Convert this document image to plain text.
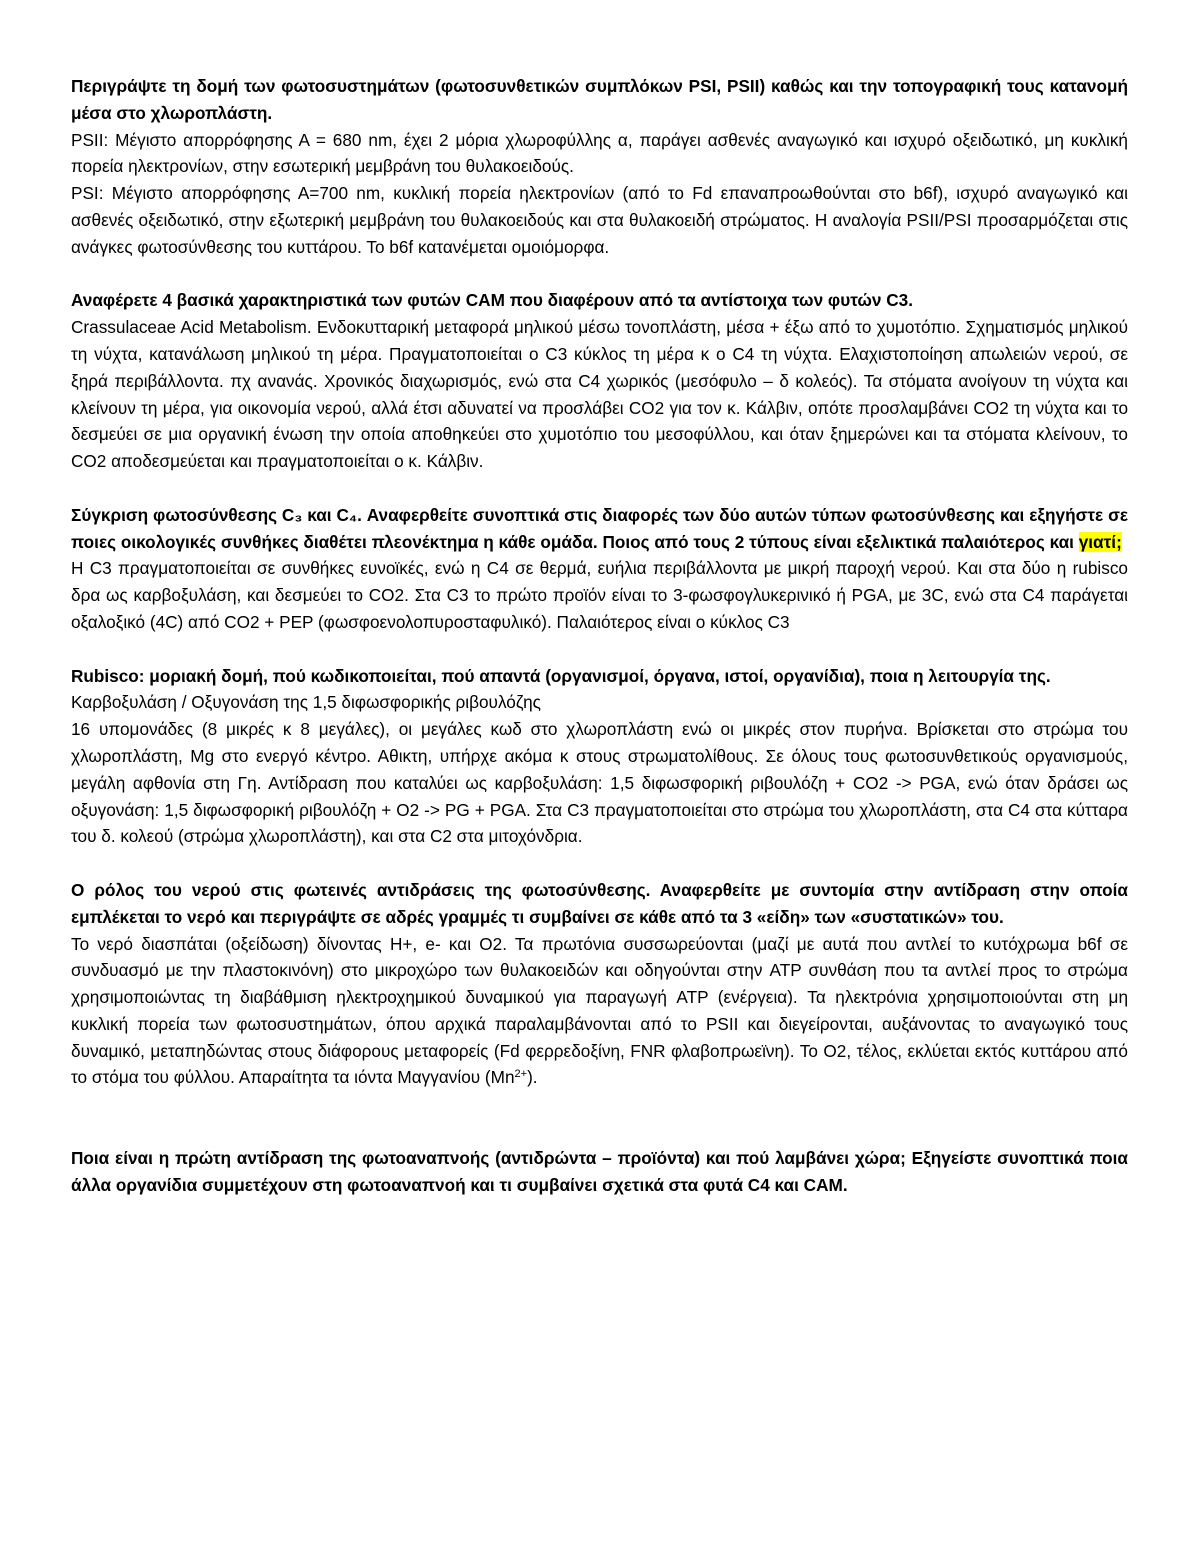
Περιγράψτε τη δομή των φωτοσυστημάτων (φωτοσυνθετικών συμπλόκων PSI, PSII) καθώς και την τοπογραφική τους κατανομή μέσα στο χλωροπλάστη.

PSII: Μέγιστο απορρόφησης Α = 680 nm, έχει 2 μόρια χλωροφύλλης α, παράγει ασθενές αναγωγικό και ισχυρό οξειδωτικό, μη κυκλική πορεία ηλεκτρονίων, στην εσωτερική μεμβράνη του θυλακοειδούς.

PSI: Μέγιστο απορρόφησης Α=700 nm, κυκλική πορεία ηλεκτρονίων (από το Fd επαναπροωθούνται στο b6f), ισχυρό αναγωγικό και ασθενές οξειδωτικό, στην εξωτερική μεμβράνη του θυλακοειδούς και στα θυλακοειδή στρώματος. Η αναλογία PSII/PSI προσαρμόζεται στις ανάγκες φωτοσύνθεσης του κυττάρου. Το b6f κατανέμεται ομοιόμορφα.

Αναφέρετε 4 βασικά χαρακτηριστικά των φυτών CAM που διαφέρουν από τα αντίστοιχα των φυτών C3.

Crassulaceae Acid Metabolism. Ενδοκυτταρική μεταφορά μηλικού μέσω τονοπλάστη, μέσα + έξω από το χυμοτόπιο. Σχηματισμός μηλικού τη νύχτα, κατανάλωση μηλικού τη μέρα. Πραγματοποιείται ο C3 κύκλος τη μέρα κ ο C4 τη νύχτα. Ελαχιστοποίηση απωλειών νερού, σε ξηρά περιβάλλοντα. πχ ανανάς. Χρονικός διαχωρισμός, ενώ στα C4 χωρικός (μεσόφυλο – δ κολεός). Τα στόματα ανοίγουν τη νύχτα και κλείνουν τη μέρα, για οικονομία νερού, αλλά έτσι αδυνατεί να προσλάβει CO2 για τον κ. Κάλβιν, οπότε προσλαμβάνει CO2 τη νύχτα και το δεσμεύει σε μια οργανική ένωση την οποία αποθηκεύει στο χυμοτόπιο του μεσοφύλλου, και όταν ξημερώνει και τα στόματα κλείνουν, το CO2 αποδεσμεύεται και πραγματοποιείται ο κ. Κάλβιν.

Σύγκριση φωτοσύνθεσης C₃ και C₄. Αναφερθείτε συνοπτικά στις διαφορές των δύο αυτών τύπων φωτοσύνθεσης και εξηγήστε σε ποιες οικολογικές συνθήκες διαθέτει πλεονέκτημα η κάθε ομάδα. Ποιος από τους 2 τύπους είναι εξελικτικά παλαιότερος και γιατί;

Η C3 πραγματοποιείται σε συνθήκες ευνοϊκές, ενώ η C4 σε θερμά, ευήλια περιβάλλοντα με μικρή παροχή νερού. Και στα δύο η rubisco δρα ως καρβοξυλάση, και δεσμεύει το CO2. Στα C3 το πρώτο προϊόν είναι το 3-φωσφογλυκερινικό ή PGA, με 3C, ενώ στα C4 παράγεται οξαλοξικό (4C) από CO2 + PEP (φωσφοενολοπυροσταφυλικό). Παλαιότερος είναι ο κύκλος C3

Rubisco: μοριακή δομή, πού κωδικοποιείται, πού απαντά (οργανισμοί, όργανα, ιστοί, οργανίδια), ποια η λειτουργία της.

Καρβοξυλάση / Οξυγονάση της 1,5 διφωσφορικής ριβουλόζης

16 υπομονάδες (8 μικρές κ 8 μεγάλες), οι μεγάλες κωδ στο χλωροπλάστη ενώ οι μικρές στον πυρήνα. Βρίσκεται στο στρώμα του χλωροπλάστη, Mg στο ενεργό κέντρο. Αθικτη, υπήρχε ακόμα κ στους στρωματολίθους. Σε όλους τους φωτοσυνθετικούς οργανισμούς, μεγάλη αφθονία στη Γη. Αντίδραση που καταλύει ως καρβοξυλάση: 1,5 διφωσφορική ριβουλόζη + CO2 -> PGA, ενώ όταν δράσει ως οξυγονάση: 1,5 διφωσφορική ριβουλόζη + O2 -> PG + PGA. Στα C3 πραγματοποιείται στο στρώμα του χλωροπλάστη, στα C4 στα κύτταρα του δ. κολεού (στρώμα χλωροπλάστη), και στα C2 στα μιτοχόνδρια.

Ο ρόλος του νερού στις φωτεινές αντιδράσεις της φωτοσύνθεσης. Αναφερθείτε με συντομία στην αντίδραση στην οποία εμπλέκεται το νερό και περιγράψτε σε αδρές γραμμές τι συμβαίνει σε κάθε από τα 3 «είδη» των «συστατικών» του.

Το νερό διασπάται (οξείδωση) δίνοντας Η+, e- και Ο2. Τα πρωτόνια συσσωρεύονται (μαζί με αυτά που αντλεί το κυτόχρωμα b6f σε συνδυασμό με την πλαστοκινόνη) στο μικροχώρο των θυλακοειδών και οδηγούνται στην ATP συνθάση που τα αντλεί προς το στρώμα χρησιμοποιώντας τη διαβάθμιση ηλεκτροχημικού δυναμικού για παραγωγή ATP (ενέργεια). Τα ηλεκτρόνια χρησιμοποιούνται στη μη κυκλική πορεία των φωτοσυστημάτων, όπου αρχικά παραλαμβάνονται από το PSII και διεγείρονται, αυξάνοντας το αναγωγικό τους δυναμικό, μεταπηδώντας στους διάφορους μεταφορείς (Fd φερρεδοξίνη, FNR φλαβοπρωεϊνη). Το Ο2, τέλος, εκλύεται εκτός κυττάρου από το στόμα του φύλλου. Απαραίτητα τα ιόντα Μαγγανίου $(Mn^{2+})$.

Ποια είναι η πρώτη αντίδραση της φωτοαναπνοής (αντιδρώντα – προϊόντα) και πού λαμβάνει χώρα; Εξηγείστε συνοπτικά ποια άλλα οργανίδια συμμετέχουν στη φωτοαναπνοή και τι συμβαίνει σχετικά στα φυτά C4 και CAM.
